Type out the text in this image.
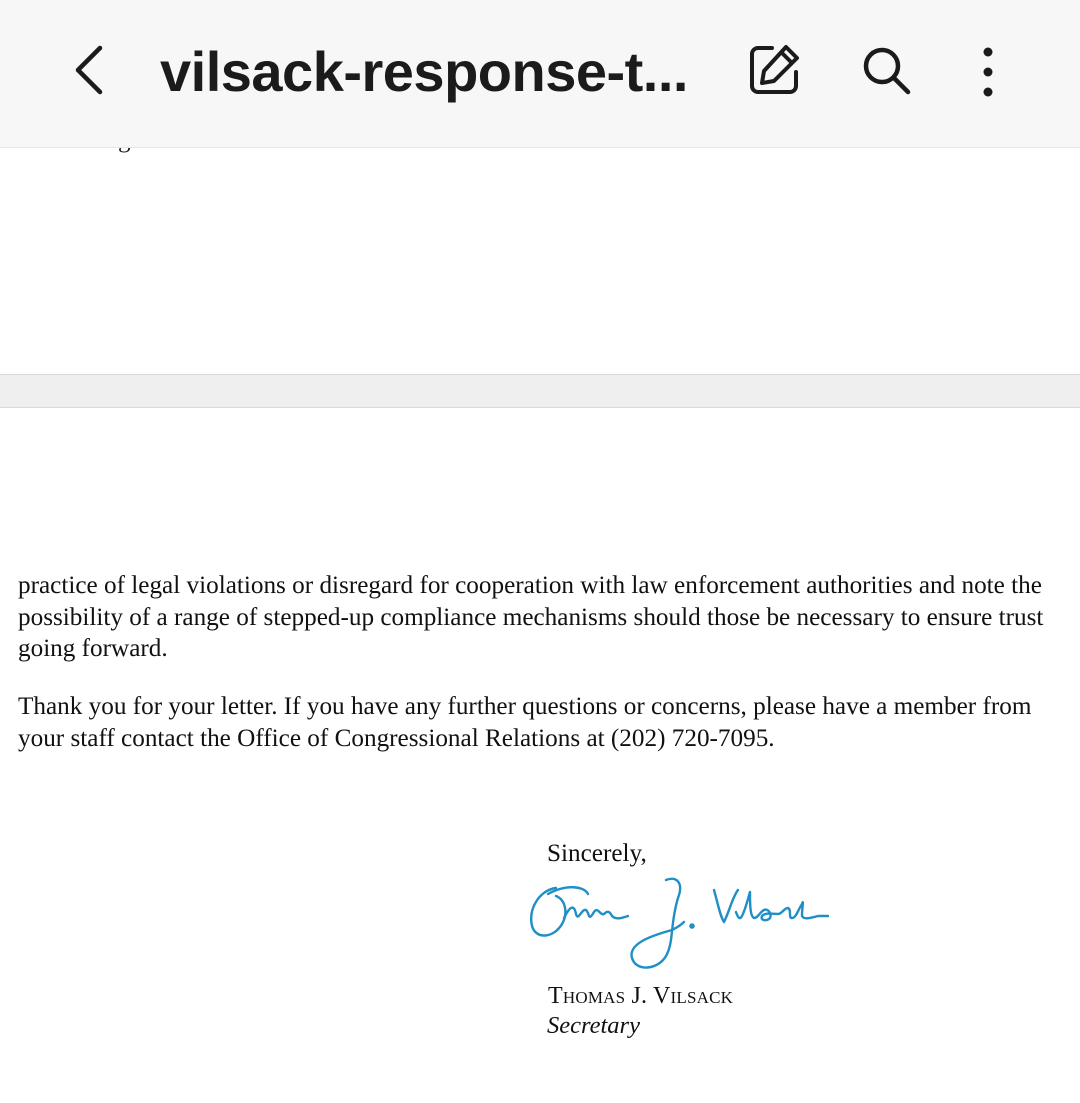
vilsack-response-t...

practice of legal violations or disregard for cooperation with law enforcement authorities and note the possibility of a range of stepped-up compliance mechanisms should those be necessary to ensure trust going forward.

Thank you for your letter. If you have any further questions or concerns, please have a member from your staff contact the Office of Congressional Relations at (202) 720-7095.

Sincerely,
Thomas J. Vilsack
Secretary
